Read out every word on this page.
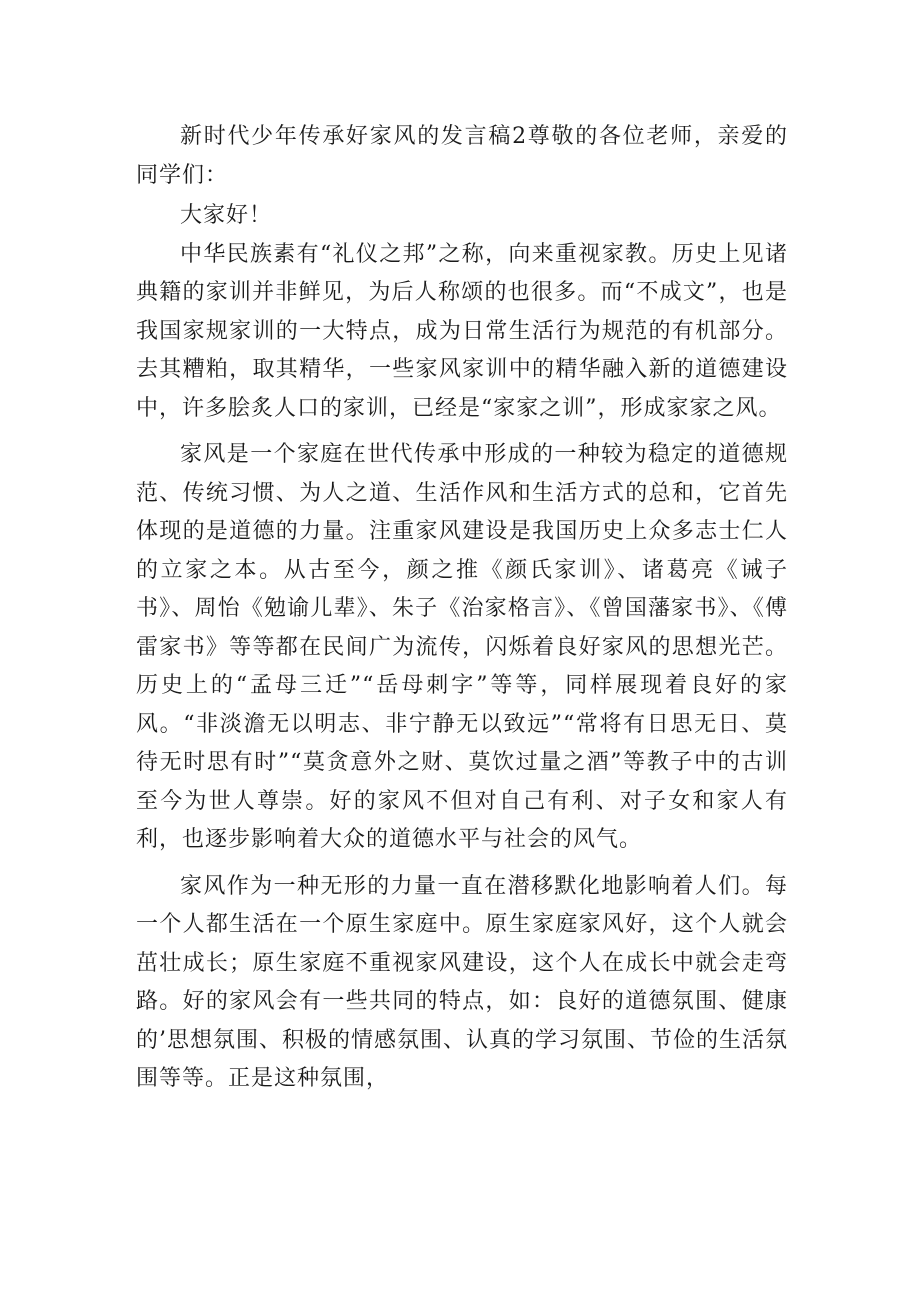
新时代少年传承好家风的发言稿2尊敬的各位老师，亲爱的同学们：

大家好！

中华民族素有“礼仪之邦”之称，向来重视家教。历史上见诸典籍的家训并非鲜见，为后人称颂的也很多。而“不成文”，也是我国家规家训的一大特点，成为日常生活行为规范的有机部分。去其糟粕，取其精华，一些家风家训中的精华融入新的道德建设中，许多脍炙人口的家训，已经是“家家之训”，形成家家之风。

家风是一个家庭在世代传承中形成的一种较为稳定的道德规范、传统习惯、为人之道、生活作风和生活方式的总和，它首先体现的是道德的力量。注重家风建设是我国历史上众多志士仁人的立家之本。从古至今，颜之推《颜氏家训》、诸葛亮《诫子书》、周怡《勉谕儿辈》、朱子《治家格言》、《曾国藩家书》、《傅雷家书》等等都在民间广为流传，闪烁着良好家风的思想光芒。历史上的“孟母三迁”“岳母刺字”等等，同样展现着良好的家风。“非淡澹无以明志、非宁静无以致远”“常将有日思无日、莫待无时思有时”“莫贪意外之财、莫饮过量之酒”等教子中的古训至今为世人尊崇。好的家风不但对自己有利、对子女和家人有利，也逐步影响着大众的道德水平与社会的风气。

家风作为一种无形的力量一直在潜移默化地影响着人们。每一个人都生活在一个原生家庭中。原生家庭家风好，这个人就会茁壮成长；原生家庭不重视家风建设，这个人在成长中就会走弯路。好的家风会有一些共同的特点，如：良好的道德氛围、健康的’思想氛围、积极的情感氛围、认真的学习氛围、节俭的生活氛围等等。正是这种氛围，
